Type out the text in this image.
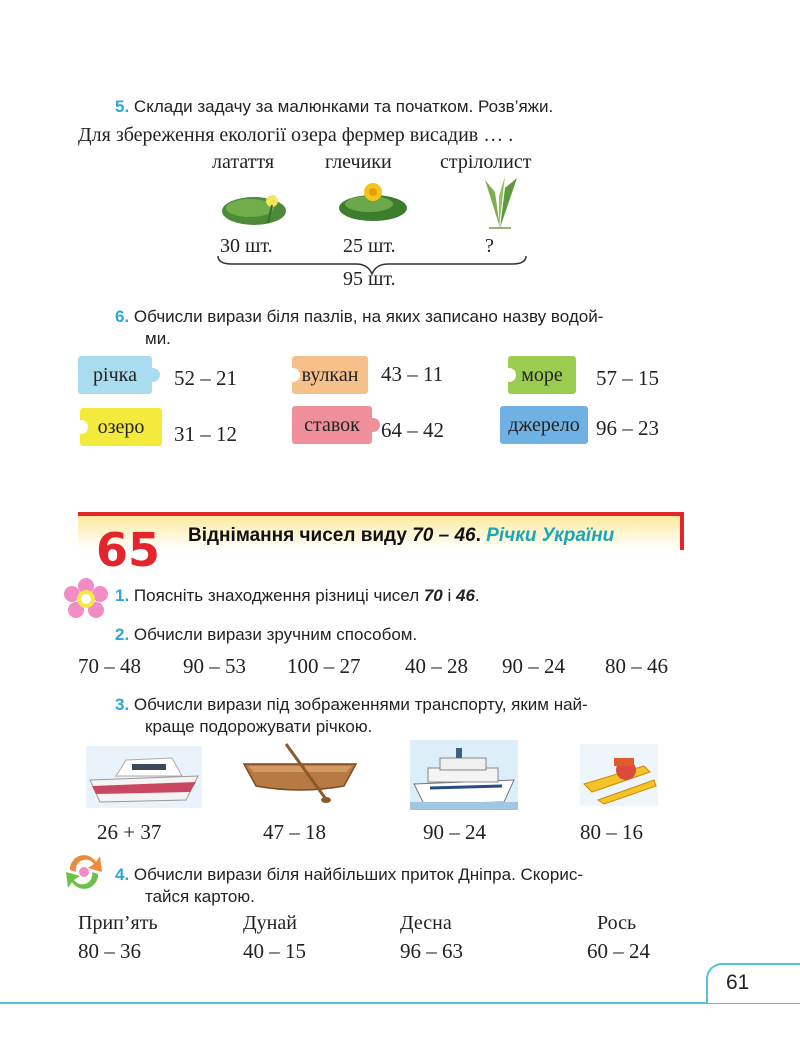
5. Склади задачу за малюнками та початком. Розв’яжи.
Для збереження екології озера фермер висадив … .
латаття	глечики стрілолист
30 шт.	25 шт.	?
95 шт.
6. Обчисли вирази біля пазлів, на яких записано назву водой-
ми.
річка 52 – 21	вулкан 43 – 11	море 57 – 15
озеро 31 – 12	ставок 64 – 42	джерело 96 – 23
65 Віднімання чисел виду 70 – 46. Річки України
1. Поясніть знаходження різниці чисел 70 і 46.
2. Обчисли вирази зручним способом.
70 – 48 90 – 53 100 – 27 40 – 28 90 – 24 80 – 46
3. Обчисли вирази під зображеннями транспорту, яким най-
краще подорожувати річкою.
26 + 37	47 – 18	90 – 24	80 – 16
4. Обчисли вирази біля найбільших приток Дніпра. Скорис-
тайся картою.
Прип’ять	Дунай	Десна	Рось
80 – 36	40 – 15	96 – 63	60 – 24
61
